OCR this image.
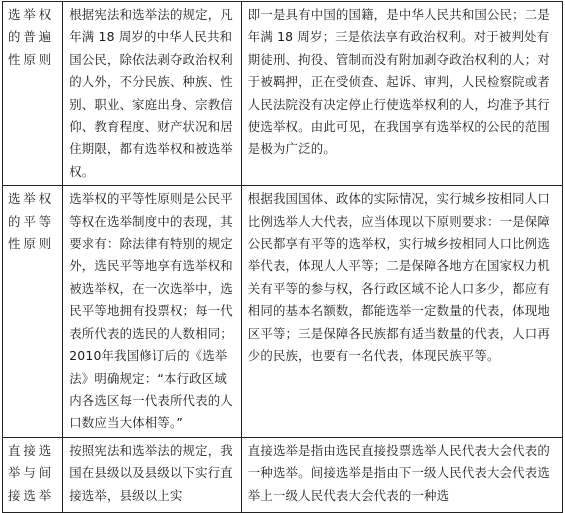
选举权的普遍性原则	根据宪法和选举法的规定，凡年满 18 周岁的中华人民共和国公民，除依法剥夺政治权利的人外，不分民族、种族、性别、职业、家庭出身、宗教信仰、教育程度、财产状况和居住期限，都有选举权和被选举权。	即一是具有中国的国籍，是中华人民共和国公民；二是年满 18 周岁；三是依法享有政治权利。对于被判处有期徒刑、拘役、管制而没有附加剥夺政治权利的人；对于被羁押，正在受侦查、起诉、审判，人民检察院或者人民法院没有决定停止行使选举权利的人，均准予其行使选举权。由此可见，在我国享有选举权的公民的范围是极为广泛的。
选举权的平等性原则	选举权的平等性原则是公民平等权在选举制度中的表现，其要求有：除法律有特别的规定外，选民平等地享有选举权和被选举权，在一次选举中，选民平等地拥有投票权；每一代表所代表的选民的人数相同；2010年我国修订后的《选举法》明确规定：“本行政区域内各选区每一代表所代表的人口数应当大体相等。”	根据我国国体、政体的实际情况，实行城乡按相同人口比例选举人大代表，应当体现以下原则要求：一是保障公民都享有平等的选举权，实行城乡按相同人口比例选举代表，体现人人平等；二是保障各地方在国家权力机关有平等的参与权，各行政区域不论人口多少，都应有相同的基本名额数，都能选举一定数量的代表，体现地区平等；三是保障各民族都有适当数量的代表，人口再少的民族，也要有一名代表，体现民族平等。
直接选举与间接选举	按照宪法和选举法的规定，我国在县级以及县级以下实行直接选举，县级以上实	直接选举是指由选民直接投票选举人民代表大会代表的一种选举。间接选举是指由下一级人民代表大会代表选举上一级人民代表大会代表的一种选
